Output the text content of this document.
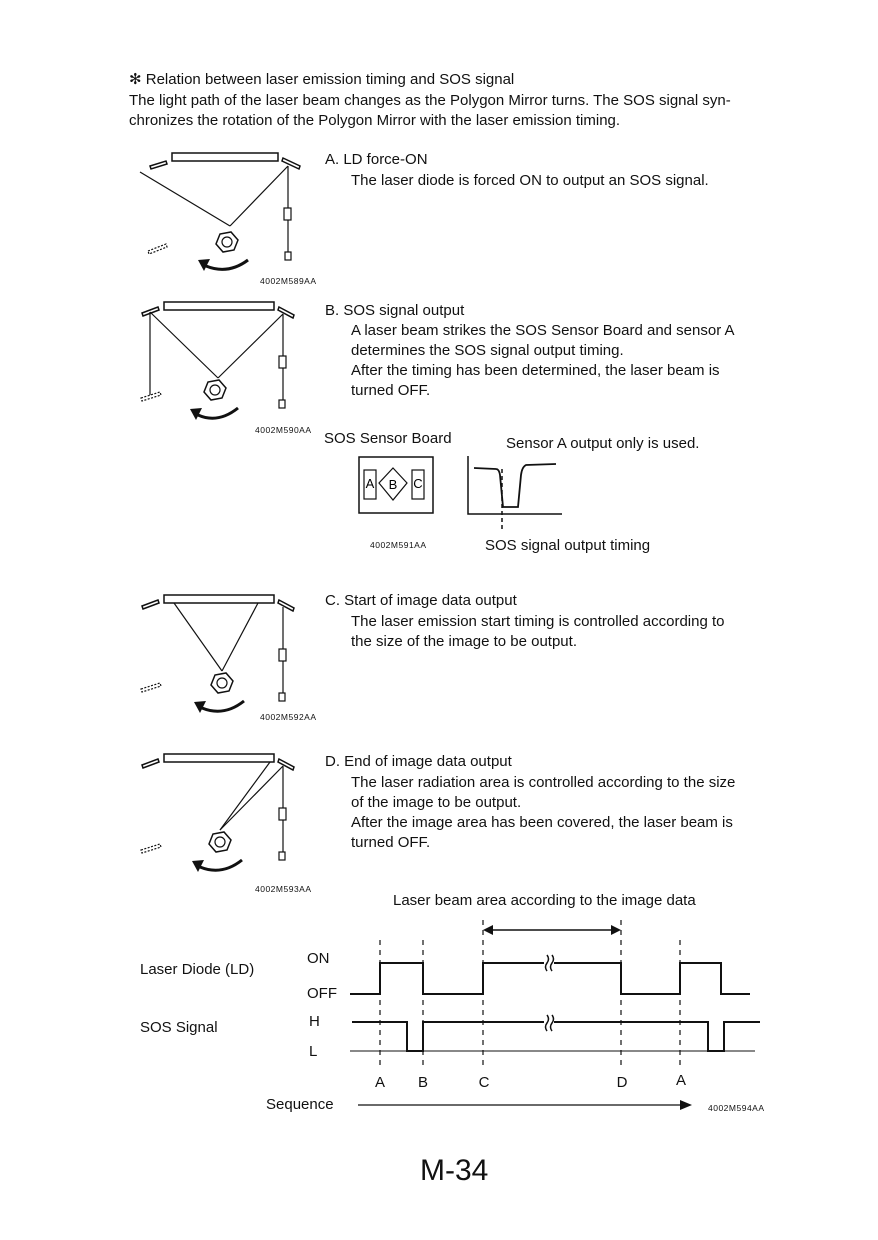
✻ Relation between laser emission timing and SOS signal
The light path of the laser beam changes as the Polygon Mirror turns. The SOS signal syn-
chronizes the rotation of the Polygon Mirror with the laser emission timing.
4002M589AA
A. LD force-ON
The laser diode is forced ON to output an SOS signal.
4002M590AA
B. SOS signal output
A laser beam strikes the SOS Sensor Board and sensor A
determines the SOS signal output timing.
After the timing has been determined, the laser beam is
turned OFF.
SOS Sensor Board	Sensor A output only is used.
A B C
4002M591AA	SOS signal output timing
4002M592AA
C. Start of image data output
The laser emission start timing is controlled according to
the size of the image to be output.
4002M593AA
D. End of image data output
The laser radiation area is controlled according to the size
of the image to be output.
After the image area has been covered, the laser beam is
turned OFF.
Laser beam area according to the image data
Laser Diode (LD)
ON
OFF
SOS Signal	H
L
Sequence	4002M594AA
A B	C	D	A
M-34
